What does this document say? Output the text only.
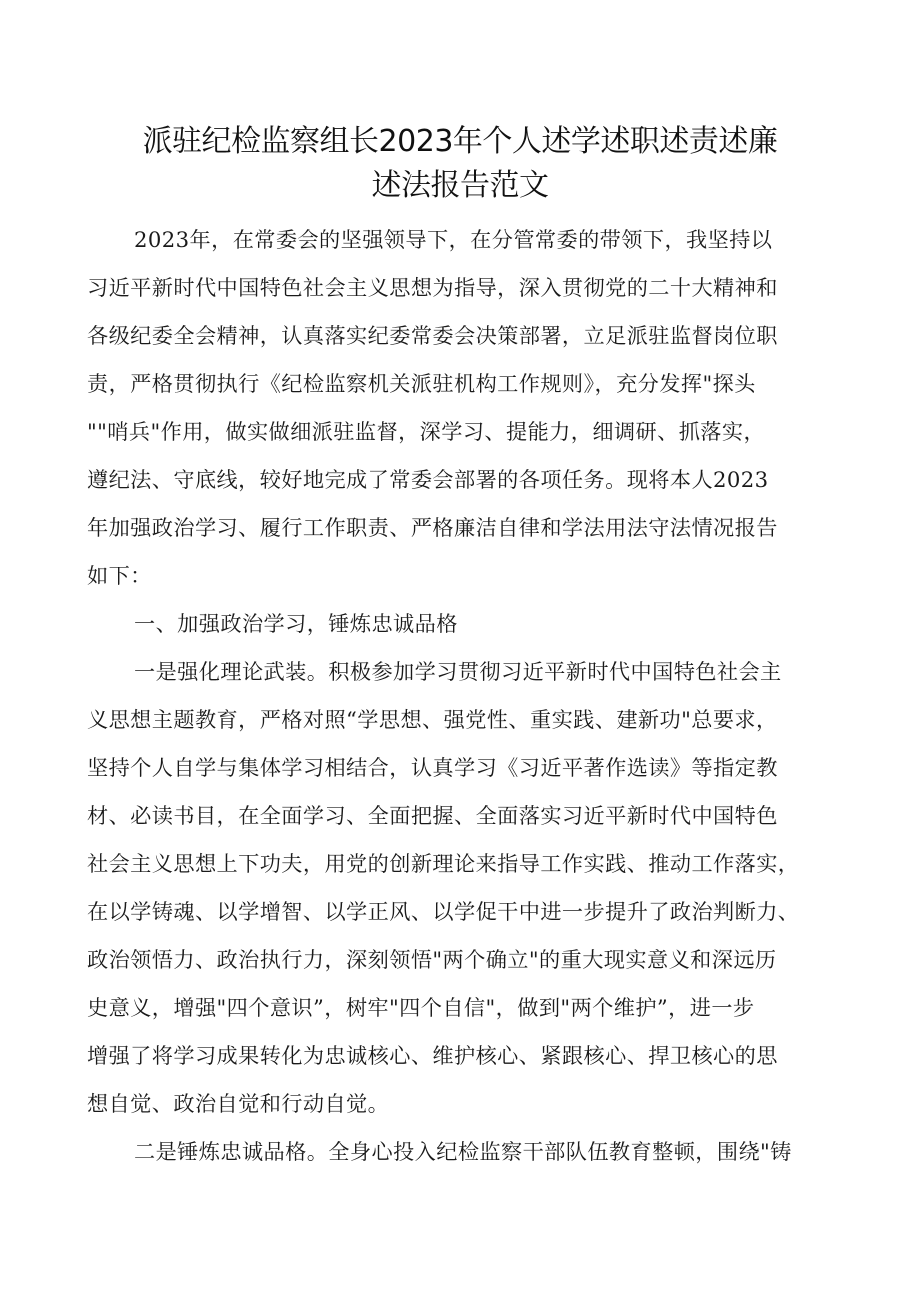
派驻纪检监察组长2023年个人述学述职述责述廉
述法报告范文
2023年，在常委会的坚强领导下，在分管常委的带领下，我坚持以
习近平新时代中国特色社会主义思想为指导，深入贯彻党的二十大精神和
各级纪委全会精神，认真落实纪委常委会决策部署，立足派驻监督岗位职
责，严格贯彻执行《纪检监察机关派驻机构工作规则》，充分发挥"探头
""哨兵"作用，做实做细派驻监督，深学习、提能力，细调研、抓落实，
遵纪法、守底线，较好地完成了常委会部署的各项任务。现将本人2023
年加强政治学习、履行工作职责、严格廉洁自律和学法用法守法情况报告
如下：
一、加强政治学习，锤炼忠诚品格
一是强化理论武装。积极参加学习贯彻习近平新时代中国特色社会主
义思想主题教育，严格对照“学思想、强党性、重实践、建新功"总要求，
坚持个人自学与集体学习相结合，认真学习《习近平著作选读》等指定教
材、必读书目，在全面学习、全面把握、全面落实习近平新时代中国特色
社会主义思想上下功夫，用党的创新理论来指导工作实践、推动工作落实，
在以学铸魂、以学增智、以学正风、以学促干中进一步提升了政治判断力、
政治领悟力、政治执行力，深刻领悟"两个确立"的重大现实意义和深远历
史意义，增强"四个意识”，树牢"四个自信"，做到"两个维护”，进一步
增强了将学习成果转化为忠诚核心、维护核心、紧跟核心、捍卫核心的思
想自觉、政治自觉和行动自觉。
二是锤炼忠诚品格。全身心投入纪检监察干部队伍教育整顿，围绕"铸
